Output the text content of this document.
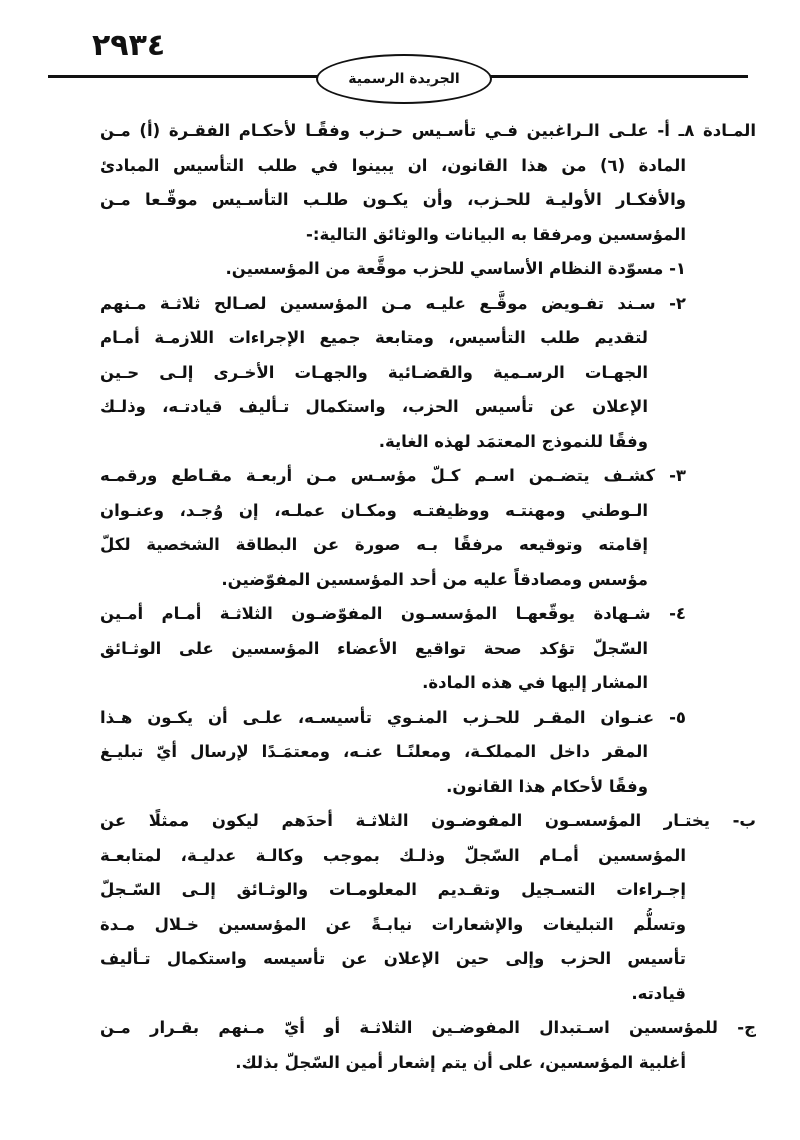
٢٩٣٤
الجريدة الرسمية
المـادة ٨ـ أ- علـى الـراغبين فـي تأسـيس حـزب وفقًـا لأحكـام الفقـرة (أ) مـن
المادة (٦) من هذا القانون، ان يبينوا في طلب التأسيس المبادئ
والأفكـار الأوليـة للحـزب، وأن يكـون طلـب التأسـيس موقّـعا مـن
المؤسسين ومرفقا به البيانات والوثائق التالية:-
١- مسوّدة النظام الأساسي للحزب موقَّعة من المؤسسين.
٢- سـند تفـويض موقَّـع عليـه مـن المؤسسين لصـالح ثلاثـة مـنهم
لتقديم طلب التأسيس، ومتابعة جميع الإجراءات اللازمـة أمـام
الجهـات الرسـمية والقضـائية والجهـات الأخـرى إلـى حـين
الإعلان عن تأسيس الحزب، واستكمال تـأليف قيادتـه، وذلـك
وفقًا للنموذج المعتمَد لهذه الغاية.
٣- كشـف يتضـمن اسـم كـلّ مؤسـس مـن أربعـة مقـاطع ورقمـه
الـوطني ومهنتـه ووظيفتـه ومكـان عملـه، إن وُجـد، وعنـوان
إقامته وتوقيعه مرفقًا بـه صورة عن البطاقة الشخصية لكلّ
مؤسس ومصادقاً عليه من أحد المؤسسين المفوّضين.
٤- شـهادة يوقّعهـا المؤسسـون المفوّضـون الثلاثـة أمـام أمـين
السّجلّ تؤكد صحة تواقيع الأعضاء المؤسسين على الوثـائق
المشار إليها في هذه المادة.
٥- عنـوان المقـر للحـزب المنـوي تأسيسـه، علـى أن يكـون هـذا
المقر داخل المملكـة، ومعلنًـا عنـه، ومعتمَـدًا لإرسال أيّ تبليـغ
وفقًا لأحكام هذا القانون.
ب- يختـار المؤسسـون المفوضـون الثلاثـة أحدَهم ليكون ممثلًا عن
المؤسسين أمـام السّجلّ وذلـك بموجب وكالـة عدليـة، لمتابعـة
إجـراءات التسـجيل وتقـديم المعلومـات والوثـائق إلـى السّـجلّ
وتسلُّم التبليغات والإشعارات نيابـةً عن المؤسسين خـلال مـدة
تأسيس الحزب وإلى حين الإعلان عن تأسيسه واستكمال تـأليف
قيادته.
ج- للمؤسسين اسـتبدال المفوضـين الثلاثـة أو أيّ مـنهم بقـرار مـن
أغلبية المؤسسين، على أن يتم إشعار أمين السّجلّ بذلك.
